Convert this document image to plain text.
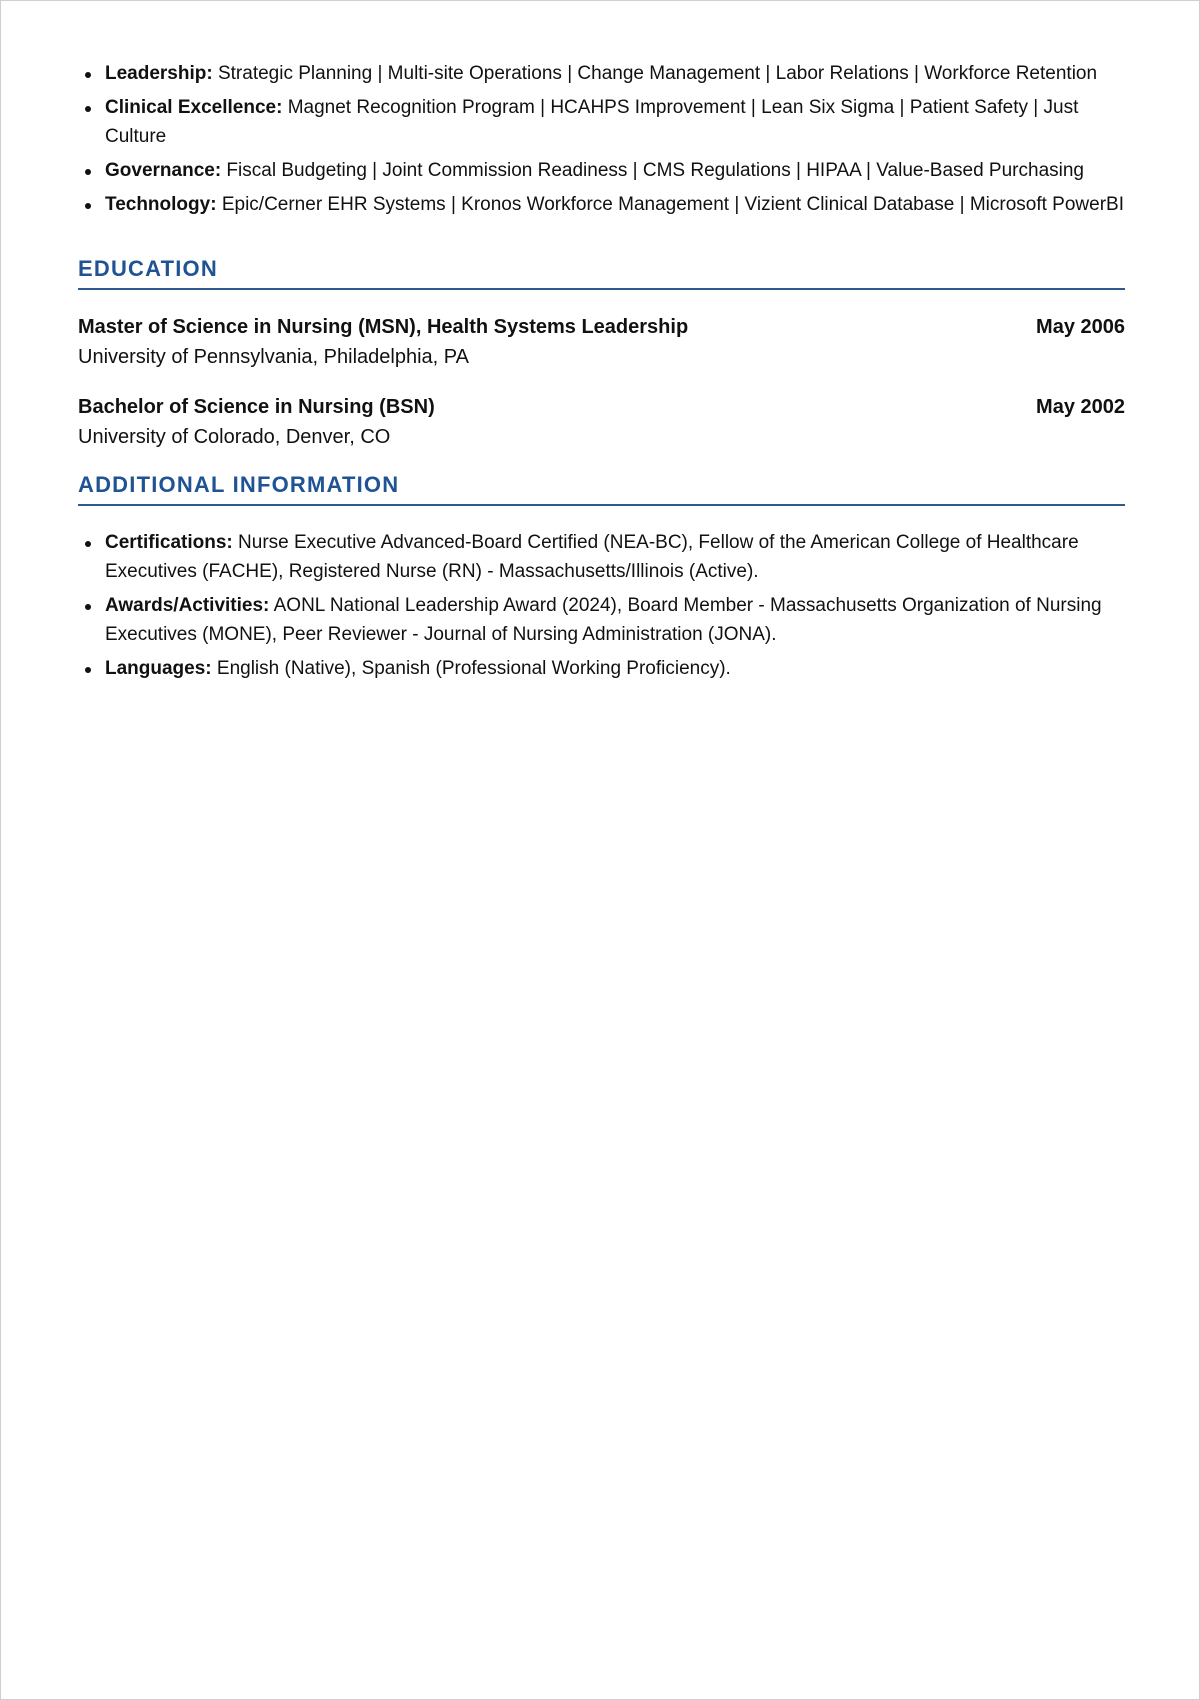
Leadership: Strategic Planning | Multi-site Operations | Change Management | Labor Relations | Workforce Retention
Clinical Excellence: Magnet Recognition Program | HCAHPS Improvement | Lean Six Sigma | Patient Safety | Just Culture
Governance: Fiscal Budgeting | Joint Commission Readiness | CMS Regulations | HIPAA | Value-Based Purchasing
Technology: Epic/Cerner EHR Systems | Kronos Workforce Management | Vizient Clinical Database | Microsoft PowerBI
EDUCATION
Master of Science in Nursing (MSN), Health Systems Leadership	May 2006
University of Pennsylvania, Philadelphia, PA
Bachelor of Science in Nursing (BSN)	May 2002
University of Colorado, Denver, CO
ADDITIONAL INFORMATION
Certifications: Nurse Executive Advanced-Board Certified (NEA-BC), Fellow of the American College of Healthcare Executives (FACHE), Registered Nurse (RN) - Massachusetts/Illinois (Active).
Awards/Activities: AONL National Leadership Award (2024), Board Member - Massachusetts Organization of Nursing Executives (MONE), Peer Reviewer - Journal of Nursing Administration (JONA).
Languages: English (Native), Spanish (Professional Working Proficiency).
